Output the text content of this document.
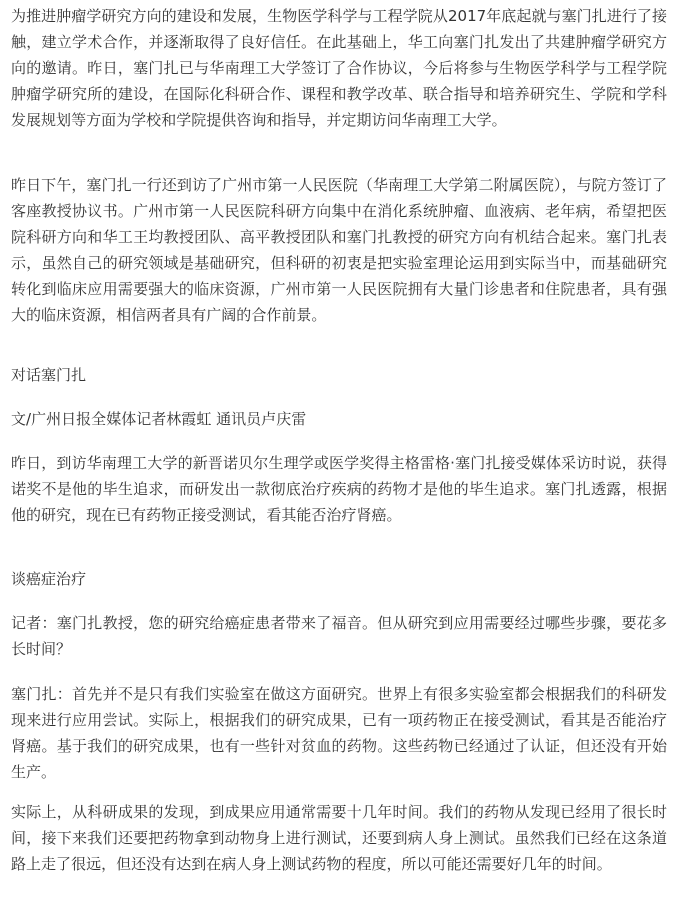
为推进肿瘤学研究方向的建设和发展，生物医学科学与工程学院从2017年底起就与塞门扎进行了接触，建立学术合作，并逐渐取得了良好信任。在此基础上，华工向塞门扎发出了共建肿瘤学研究方向的邀请。昨日，塞门扎已与华南理工大学签订了合作协议，今后将参与生物医学科学与工程学院肿瘤学研究所的建设，在国际化科研合作、课程和教学改革、联合指导和培养研究生、学院和学科发展规划等方面为学校和学院提供咨询和指导，并定期访问华南理工大学。

昨日下午，塞门扎一行还到访了广州市第一人民医院（华南理工大学第二附属医院），与院方签订了客座教授协议书。广州市第一人民医院科研方向集中在消化系统肿瘤、血液病、老年病，希望把医院科研方向和华工王均教授团队、高平教授团队和塞门扎教授的研究方向有机结合起来。塞门扎表示，虽然自己的研究领域是基础研究，但科研的初衷是把实验室理论运用到实际当中，而基础研究转化到临床应用需要强大的临床资源，广州市第一人民医院拥有大量门诊患者和住院患者，具有强大的临床资源，相信两者具有广阔的合作前景。

对话塞门扎

文/广州日报全媒体记者林霞虹 通讯员卢庆雷

昨日，到访华南理工大学的新晋诺贝尔生理学或医学奖得主格雷格·塞门扎接受媒体采访时说，获得诺奖不是他的毕生追求，而研发出一款彻底治疗疾病的药物才是他的毕生追求。塞门扎透露，根据他的研究，现在已有药物正接受测试，看其能否治疗肾癌。

谈癌症治疗

记者：塞门扎教授，您的研究给癌症患者带来了福音。但从研究到应用需要经过哪些步骤，要花多长时间？

塞门扎：首先并不是只有我们实验室在做这方面研究。世界上有很多实验室都会根据我们的科研发现来进行应用尝试。实际上，根据我们的研究成果，已有一项药物正在接受测试，看其是否能治疗肾癌。基于我们的研究成果，也有一些针对贫血的药物。这些药物已经通过了认证，但还没有开始生产。

实际上，从科研成果的发现，到成果应用通常需要十几年时间。我们的药物从发现已经用了很长时间，接下来我们还要把药物拿到动物身上进行测试，还要到病人身上测试。虽然我们已经在这条道路上走了很远，但还没有达到在病人身上测试药物的程度，所以可能还需要好几年的时间。
